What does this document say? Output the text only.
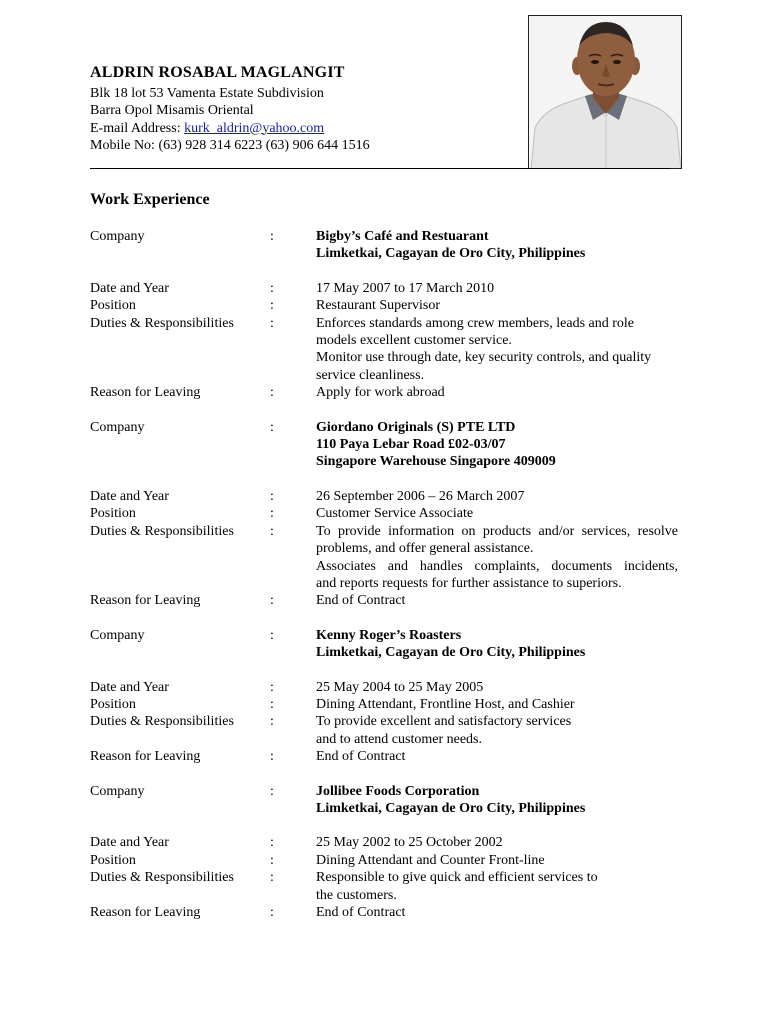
ALDRIN ROSABAL MAGLANGIT
Blk 18 lot 53 Vamenta Estate Subdivision
Barra Opol Misamis Oriental
E-mail Address: kurk_aldrin@yahoo.com
Mobile No: (63) 928 314 6223 (63) 906 644 1516
Work Experience
Company	:	Bigby’s Café and Restuarant
Limketkai, Cagayan de Oro City, Philippines
Date and Year	:	17 May 2007 to 17 March 2010
Position	:	Restaurant Supervisor
Duties & Responsibilities	:	Enforces standards among crew members, leads and role
models excellent customer service.
Monitor use through date, key security controls, and quality
service cleanliness.
Reason for Leaving	:	Apply for work abroad
Company	:	Giordano Originals (S) PTE LTD
110 Paya Lebar Road £02-03/07
Singapore Warehouse Singapore 409009
Date and Year	:	26 September 2006 – 26 March 2007
Position	:	Customer Service Associate
Duties & Responsibilities	:	To provide information on products and/or services, resolve
problems, and offer general assistance.
Associates and handles complaints, documents incidents,
and reports requests for further assistance to superiors.
Reason for Leaving	:	End of Contract
Company	:	Kenny Roger’s Roasters
Limketkai, Cagayan de Oro City, Philippines
Date and Year	:	25 May 2004 to 25 May 2005
Position	:	Dining Attendant, Frontline Host, and Cashier
Duties & Responsibilities	:	To provide excellent and satisfactory services
and to attend customer needs.
Reason for Leaving	:	End of Contract
Company	:	Jollibee Foods Corporation
Limketkai, Cagayan de Oro City, Philippines
Date and Year	:	25 May 2002 to 25 October 2002
Position	:	Dining Attendant and Counter Front-line
Duties & Responsibilities	:	Responsible to give quick and efficient services to
the customers.
Reason for Leaving	:	End of Contract
